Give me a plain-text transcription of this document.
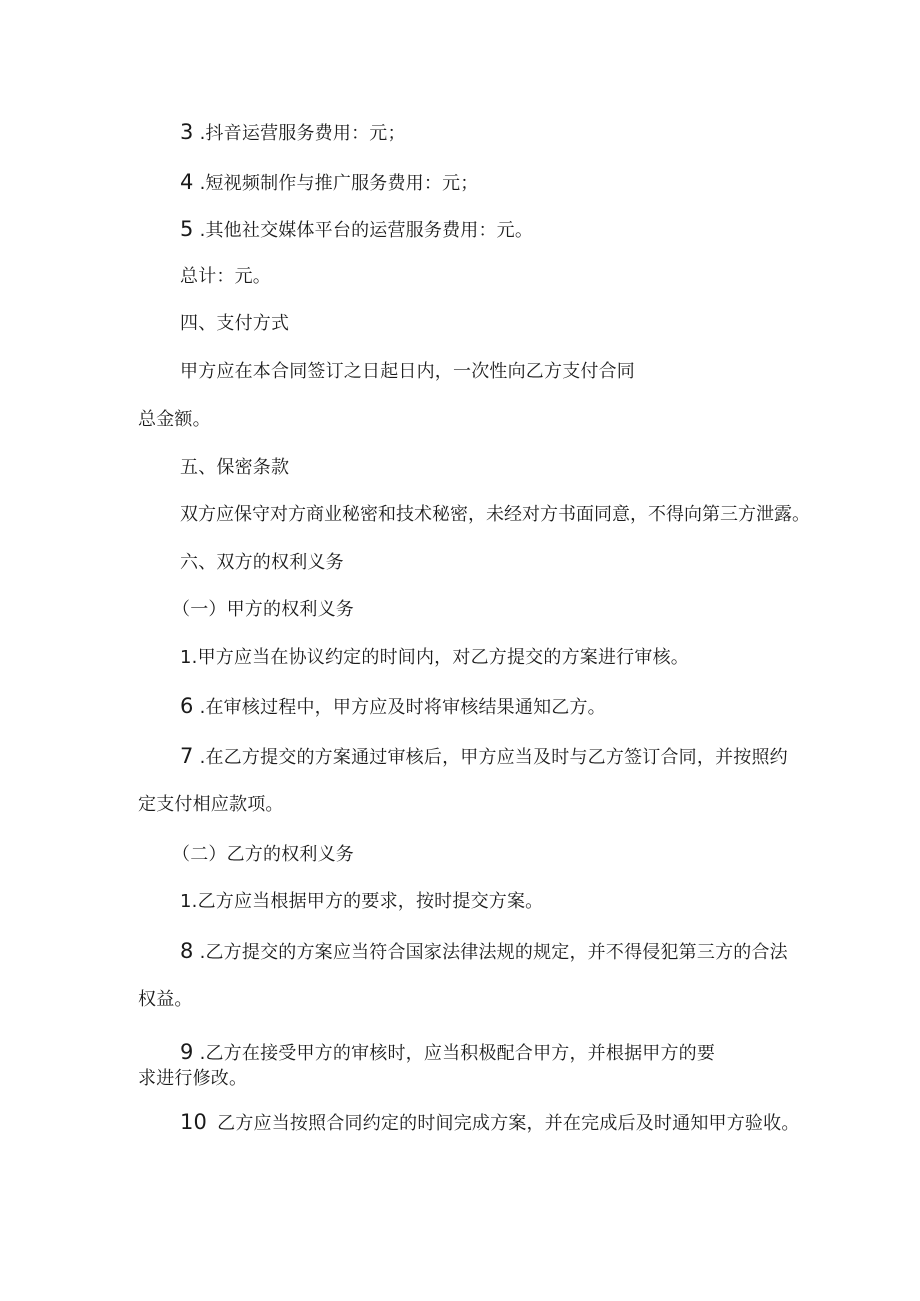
3 .抖音运营服务费用：元；
4 .短视频制作与推广服务费用：元；
5 .其他社交媒体平台的运营服务费用：元。
总计：元。
四、支付方式
甲方应在本合同签订之日起日内，一次性向乙方支付合同
总金额。
五、保密条款
双方应保守对方商业秘密和技术秘密，未经对方书面同意，不得向第三方泄露。
六、双方的权利义务
（一）甲方的权利义务
1.甲方应当在协议约定的时间内，对乙方提交的方案进行审核。
6 .在审核过程中，甲方应及时将审核结果通知乙方。
7 .在乙方提交的方案通过审核后，甲方应当及时与乙方签订合同，并按照约
定支付相应款项。
（二）乙方的权利义务
1.乙方应当根据甲方的要求，按时提交方案。
8 .乙方提交的方案应当符合国家法律法规的规定，并不得侵犯第三方的合法
权益。
9 .乙方在接受甲方的审核时，应当积极配合甲方，并根据甲方的要
求进行修改。
10 乙方应当按照合同约定的时间完成方案，并在完成后及时通知甲方验收。
